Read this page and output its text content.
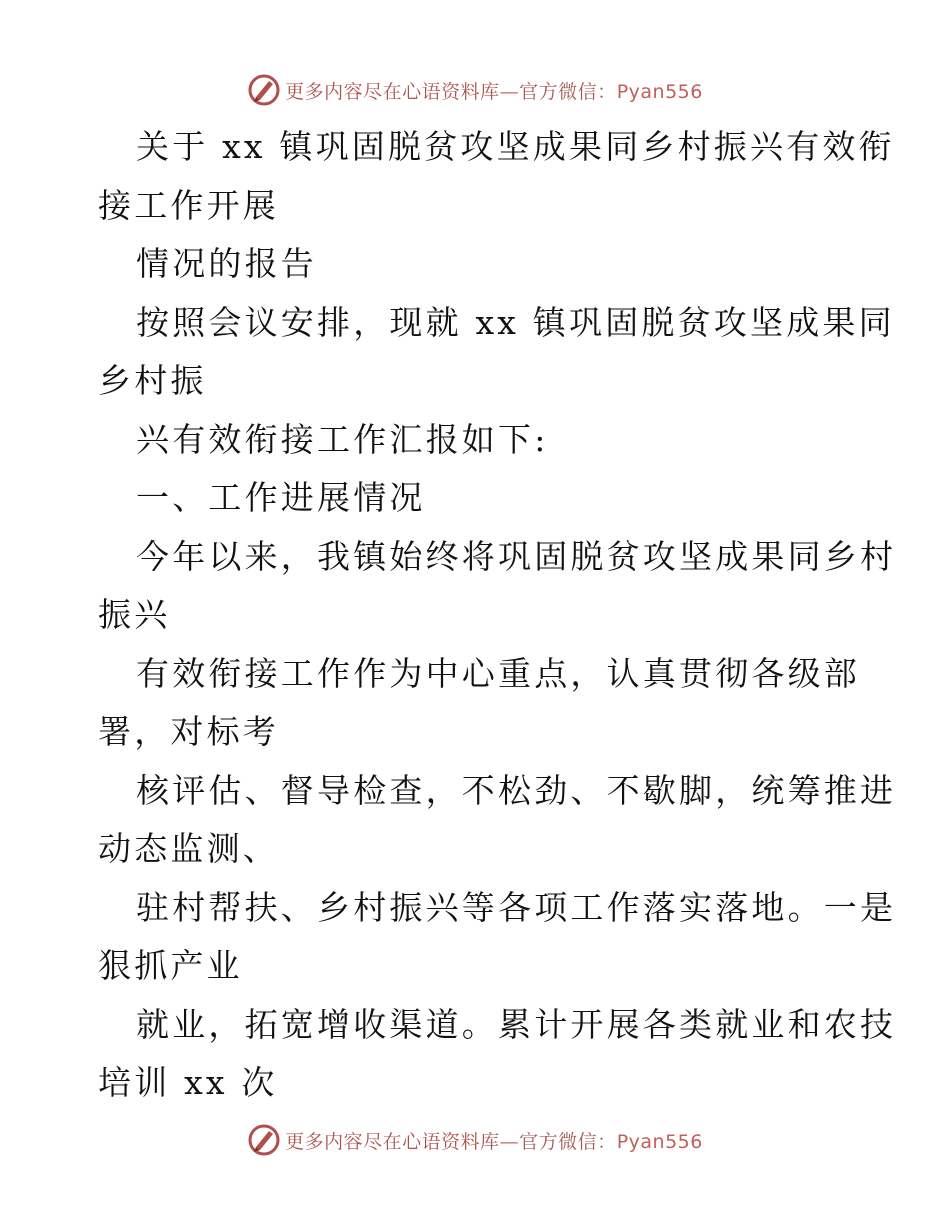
更多内容尽在心语资料库—官方微信：Pyan556
关于 xx 镇巩固脱贫攻坚成果同乡村振兴有效衔
接工作开展
情况的报告
按照会议安排，现就 xx 镇巩固脱贫攻坚成果同
乡村振
兴有效衔接工作汇报如下:
一、工作进展情况
今年以来，我镇始终将巩固脱贫攻坚成果同乡村
振兴
有效衔接工作作为中心重点，认真贯彻各级部
署，对标考
核评估、督导检查，不松劲、不歇脚，统筹推进
动态监测、
驻村帮扶、乡村振兴等各项工作落实落地。一是
狠抓产业
就业，拓宽增收渠道。累计开展各类就业和农技
培训 xx 次
更多内容尽在心语资料库—官方微信：Pyan556
